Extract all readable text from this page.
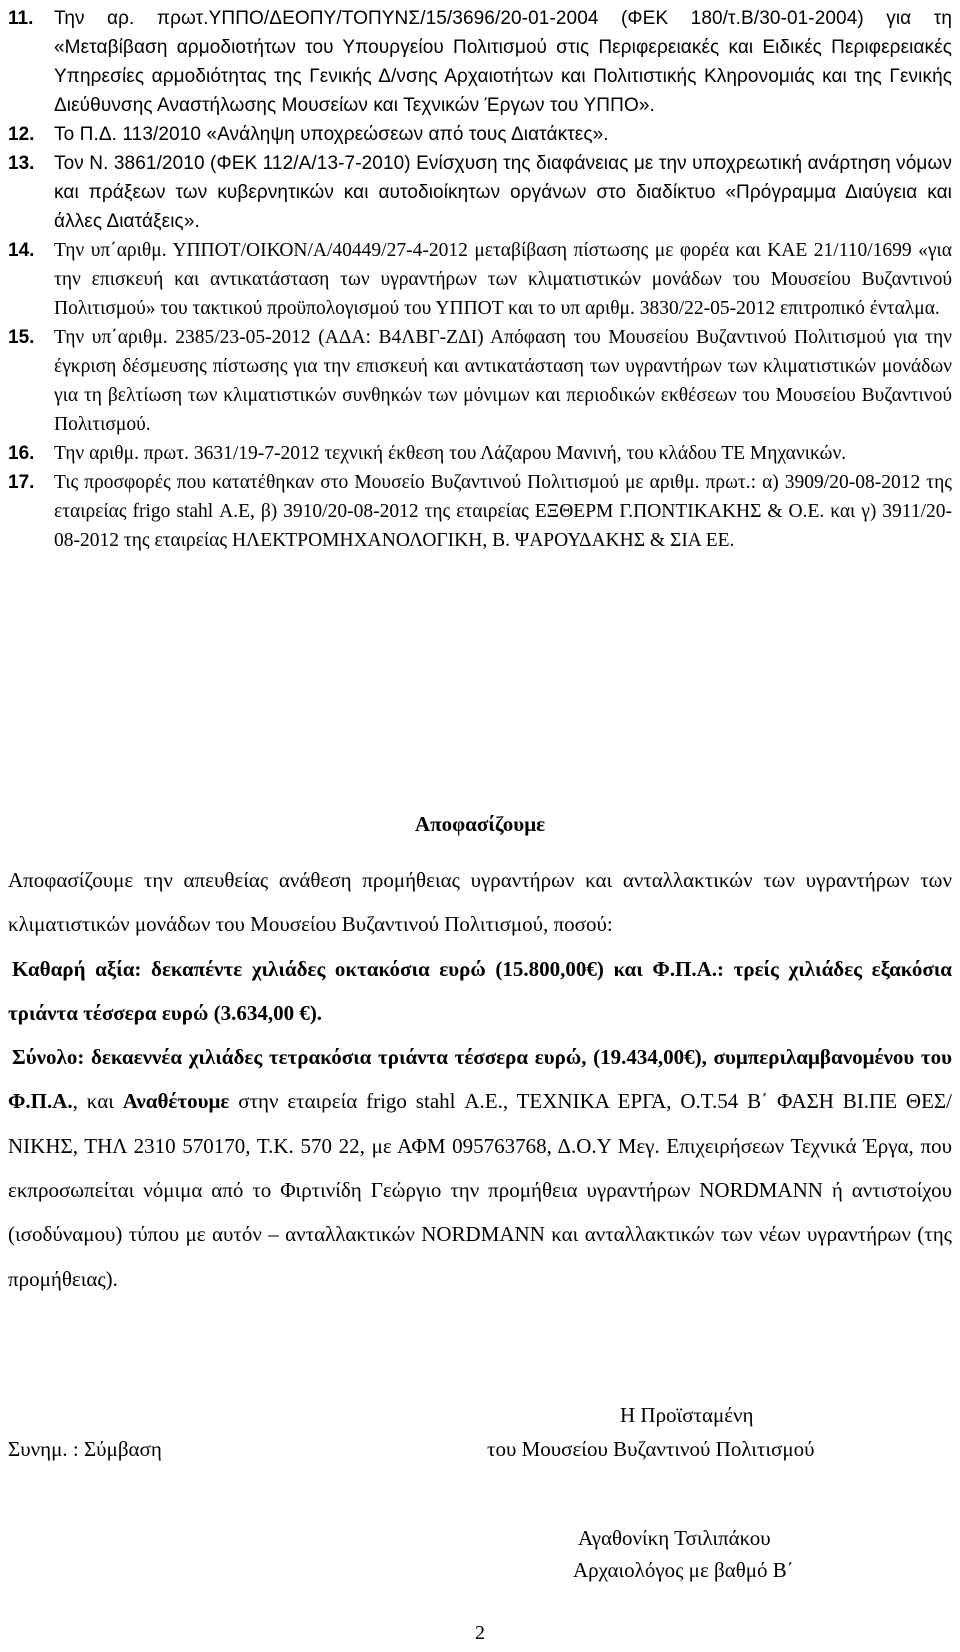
11.	Την αρ. πρωτ.ΥΠΠΟ/ΔΕΟΠΥ/ΤΟΠΥΝΣ/15/3696/20-01-2004 (ΦΕΚ 180/τ.Β/30-01-2004) για τη «Μεταβίβαση αρμοδιοτήτων του Υπουργείου Πολιτισμού στις Περιφερειακές και Ειδικές Περιφερειακές Υπηρεσίες αρμοδιότητας της Γενικής Δ/νσης Αρχαιοτήτων και Πολιτιστικής Κληρονομιάς και της Γενικής Διεύθυνσης Αναστήλωσης Μουσείων και Τεχνικών Έργων του ΥΠΠΟ».
12.	Το Π.Δ. 113/2010 «Ανάληψη υποχρεώσεων από τους Διατάκτες».
13.	Τον Ν. 3861/2010 (ΦΕΚ 112/Α/13-7-2010) Ενίσχυση της διαφάνειας με την υποχρεωτική ανάρτηση νόμων και πράξεων των κυβερνητικών και αυτοδιοίκητων οργάνων στο διαδίκτυο «Πρόγραμμα Διαύγεια και άλλες Διατάξεις».
14.	Την υπ΄αριθμ. ΥΠΠΟΤ/ΟΙΚΟΝ/Α/40449/27-4-2012 μεταβίβαση πίστωσης με φορέα και ΚΑΕ 21/110/1699 «για την επισκευή και αντικατάσταση των υγραντήρων των κλιματιστικών μονάδων του Μουσείου Βυζαντινού Πολιτισμού» του τακτικού προϋπολογισμού του ΥΠΠΟΤ και το υπ αριθμ. 3830/22-05-2012 επιτροπικό ένταλμα.
15.	Την υπ΄αριθμ. 2385/23-05-2012 (ΑΔΑ: Β4ΛΒΓ-ΖΔΙ) Απόφαση του Μουσείου Βυζαντινού Πολιτισμού για την έγκριση δέσμευσης πίστωσης για την επισκευή και αντικατάσταση των υγραντήρων των κλιματιστικών μονάδων για τη βελτίωση των κλιματιστικών συνθηκών των μόνιμων και περιοδικών εκθέσεων του Μουσείου Βυζαντινού Πολιτισμού.
16.	Την αριθμ. πρωτ. 3631/19-7-2012 τεχνική έκθεση του Λάζαρου Μανινή, του κλάδου ΤΕ Μηχανικών.
17.	Τις προσφορές που κατατέθηκαν στο Μουσείο Βυζαντινού Πολιτισμού με αριθμ. πρωτ.: α) 3909/20-08-2012 της εταιρείας frigo stahl Α.Ε, β) 3910/20-08-2012 της εταιρείας ΕΞΘΕΡΜ Γ.ΠΟΝΤΙΚΑΚΗΣ & Ο.Ε. και γ) 3911/20-08-2012 της εταιρείας ΗΛΕΚΤΡΟΜΗΧΑΝΟΛΟΓΙΚΗ, Β. ΨΑΡΟΥΔΑΚΗΣ & ΣΙΑ ΕΕ.
Αποφασίζουμε

Αποφασίζουμε την απευθείας ανάθεση προμήθειας υγραντήρων και ανταλλακτικών των υγραντήρων των κλιματιστικών μονάδων του Μουσείου Βυζαντινού Πολιτισμού, ποσού:
Καθαρή αξία: δεκαπέντε χιλιάδες οκτακόσια ευρώ (15.800,00€) και Φ.Π.Α.: τρείς χιλιάδες εξακόσια τριάντα τέσσερα ευρώ (3.634,00 €).
Σύνολο: δεκαεννέα χιλιάδες τετρακόσια τριάντα τέσσερα ευρώ, (19.434,00€), συμπεριλαμβανομένου του Φ.Π.Α., και Αναθέτουμε στην εταιρεία frigo stahl Α.Ε., ΤΕΧΝΙΚΑ ΕΡΓΑ, Ο.Τ.54 Β΄ ΦΑΣΗ ΒΙ.ΠΕ ΘΕΣ/ΝΙΚΗΣ, ΤΗΛ 2310 570170, Τ.Κ. 570 22, με ΑΦΜ 095763768, Δ.Ο.Υ Μεγ. Επιχειρήσεων Τεχνικά Έργα, που εκπροσωπείται νόμιμα από το Φιρτινίδη Γεώργιο την προμήθεια υγραντήρων NORDMANN ή αντιστοίχου (ισοδύναμου) τύπου με αυτόν – ανταλλακτικών NORDMANN και ανταλλακτικών των νέων υγραντήρων (της προμήθειας).

Η Προϊσταμένη
Συνημ. : Σύμβαση	του Μουσείου Βυζαντινού Πολιτισμού
Αγαθονίκη Τσιλιπάκου
Αρχαιολόγος με βαθμό Β΄
2
